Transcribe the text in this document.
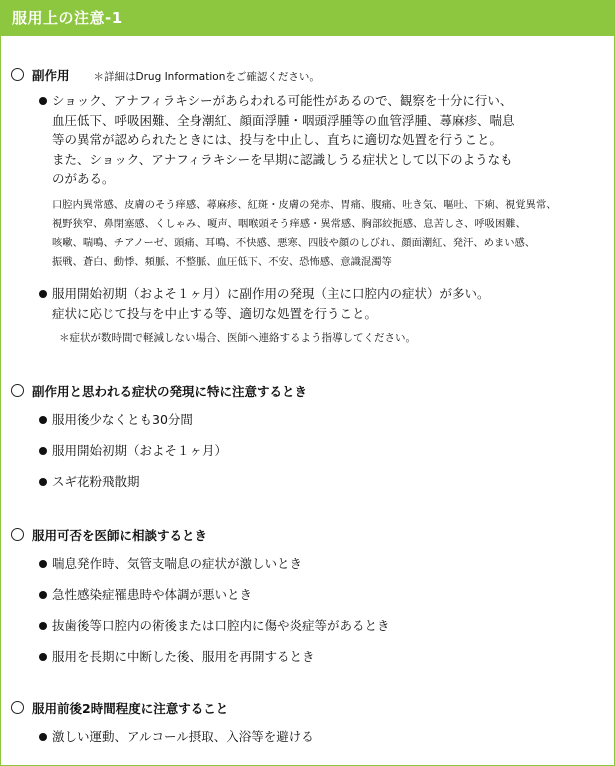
服用上の注意-1
副作用 ＊詳細はDrug Informationをご確認ください。
ショック、アナフィラキシーがあらわれる可能性があるので、観察を十分に行い、
血圧低下、呼吸困難、全身潮紅、顔面浮腫・咽頭浮腫等の血管浮腫、蕁麻疹、喘息
等の異常が認められたときには、投与を中止し、直ちに適切な処置を行うこと。
また、ショック、アナフィラキシーを早期に認識しうる症状として以下のようなも
のがある。
口腔内異常感、皮膚のそう痒感、蕁麻疹、紅斑・皮膚の発赤、胃痛、腹痛、吐き気、嘔吐、下痢、視覚異常、
視野狭窄、鼻閉塞感、くしゃみ、嗄声、咽喉頭そう痒感・異常感、胸部絞扼感、息苦しさ、呼吸困難、
咳嗽、喘鳴、チアノーゼ、頭痛、耳鳴、不快感、悪寒、四肢や顔のしびれ、顔面潮紅、発汗、めまい感、
振戦、蒼白、動悸、頻脈、不整脈、血圧低下、不安、恐怖感、意識混濁等
服用開始初期（およそ１ヶ月）に副作用の発現（主に口腔内の症状）が多い。
症状に応じて投与を中止する等、適切な処置を行うこと。
＊症状が数時間で軽減しない場合、医師へ連絡するよう指導してください。
副作用と思われる症状の発現に特に注意するとき
服用後少なくとも30分間
服用開始初期（およそ１ヶ月）
スギ花粉飛散期
服用可否を医師に相談するとき
喘息発作時、気管支喘息の症状が激しいとき
急性感染症罹患時や体調が悪いとき
抜歯後等口腔内の術後または口腔内に傷や炎症等があるとき
服用を長期に中断した後、服用を再開するとき
服用前後2時間程度に注意すること
激しい運動、アルコール摂取、入浴等を避ける
